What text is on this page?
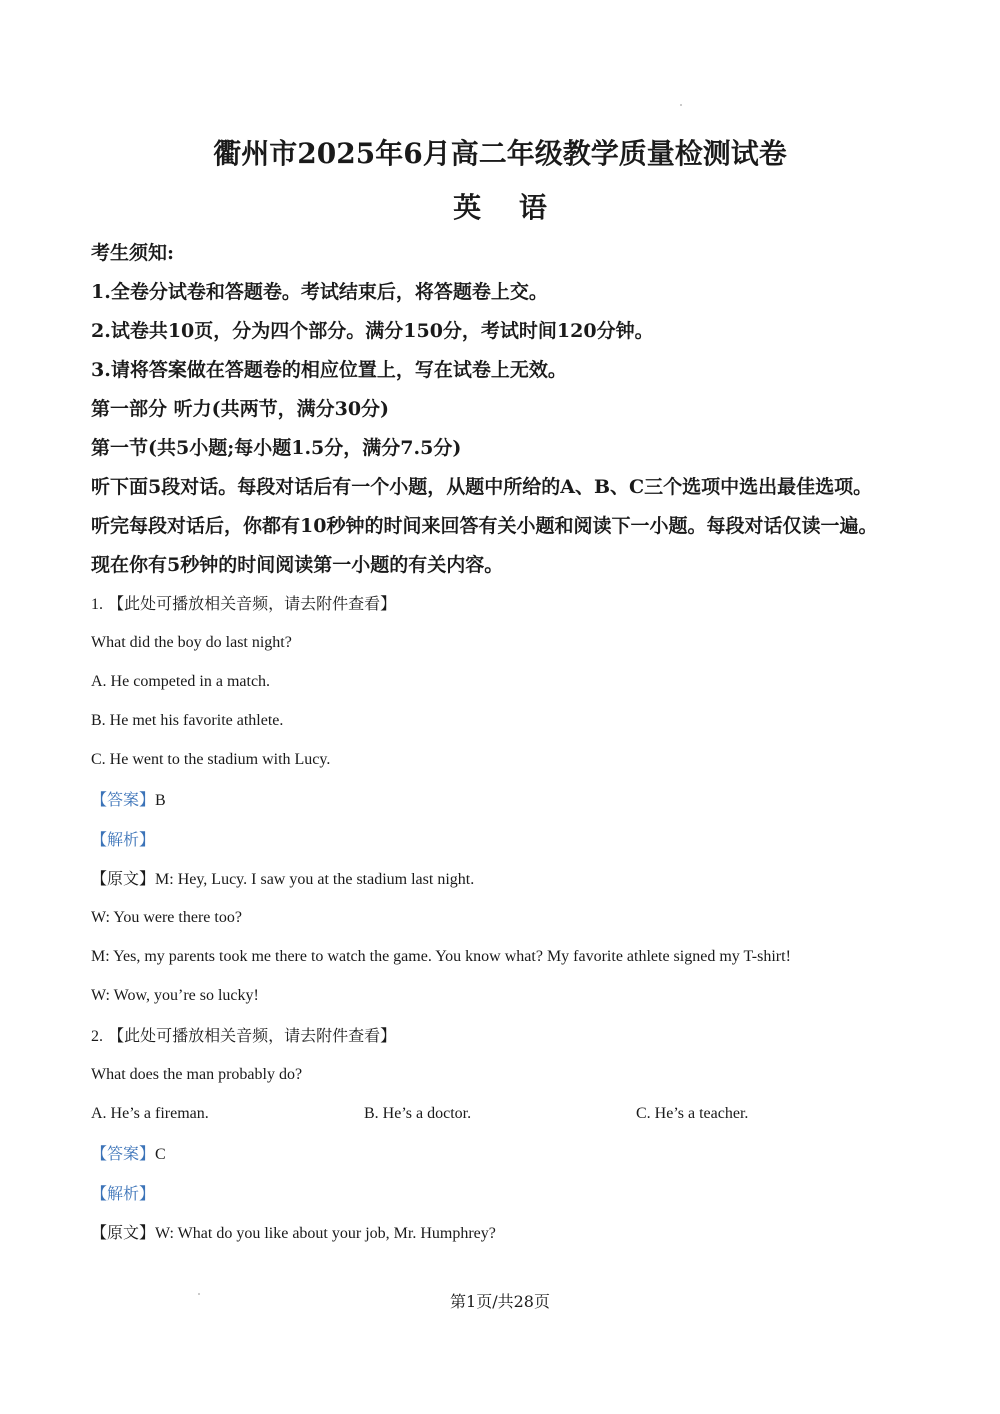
衢州市2025年6月高二年级教学质量检测试卷
英 语
考生须知:
1.全卷分试卷和答题卷。考试结束后，将答题卷上交。
2.试卷共10页，分为四个部分。满分150分，考试时间120分钟。
3.请将答案做在答题卷的相应位置上，写在试卷上无效。
第一部分 听力(共两节，满分30分)
第一节(共5小题;每小题1.5分，满分7.5分)
听下面5段对话。每段对话后有一个小题，从题中所给的A、B、C三个选项中选出最佳选项。
听完每段对话后，你都有10秒钟的时间来回答有关小题和阅读下一小题。每段对话仅读一遍。
现在你有5秒钟的时间阅读第一小题的有关内容。
1. 【此处可播放相关音频，请去附件查看】
What did the boy do last night?
A. He competed in a match.
B. He met his favorite athlete.
C. He went to the stadium with Lucy.
【答案】B
【解析】
【原文】M: Hey, Lucy. I saw you at the stadium last night.
W: You were there too?
M: Yes, my parents took me there to watch the game. You know what? My favorite athlete signed my T-shirt!
W: Wow, you’re so lucky!
2. 【此处可播放相关音频，请去附件查看】
What does the man probably do?
A. He’s a fireman.	B. He’s a doctor.	C. He’s a teacher.
【答案】C
【解析】
【原文】W: What do you like about your job, Mr. Humphrey?
第1页/共28页
